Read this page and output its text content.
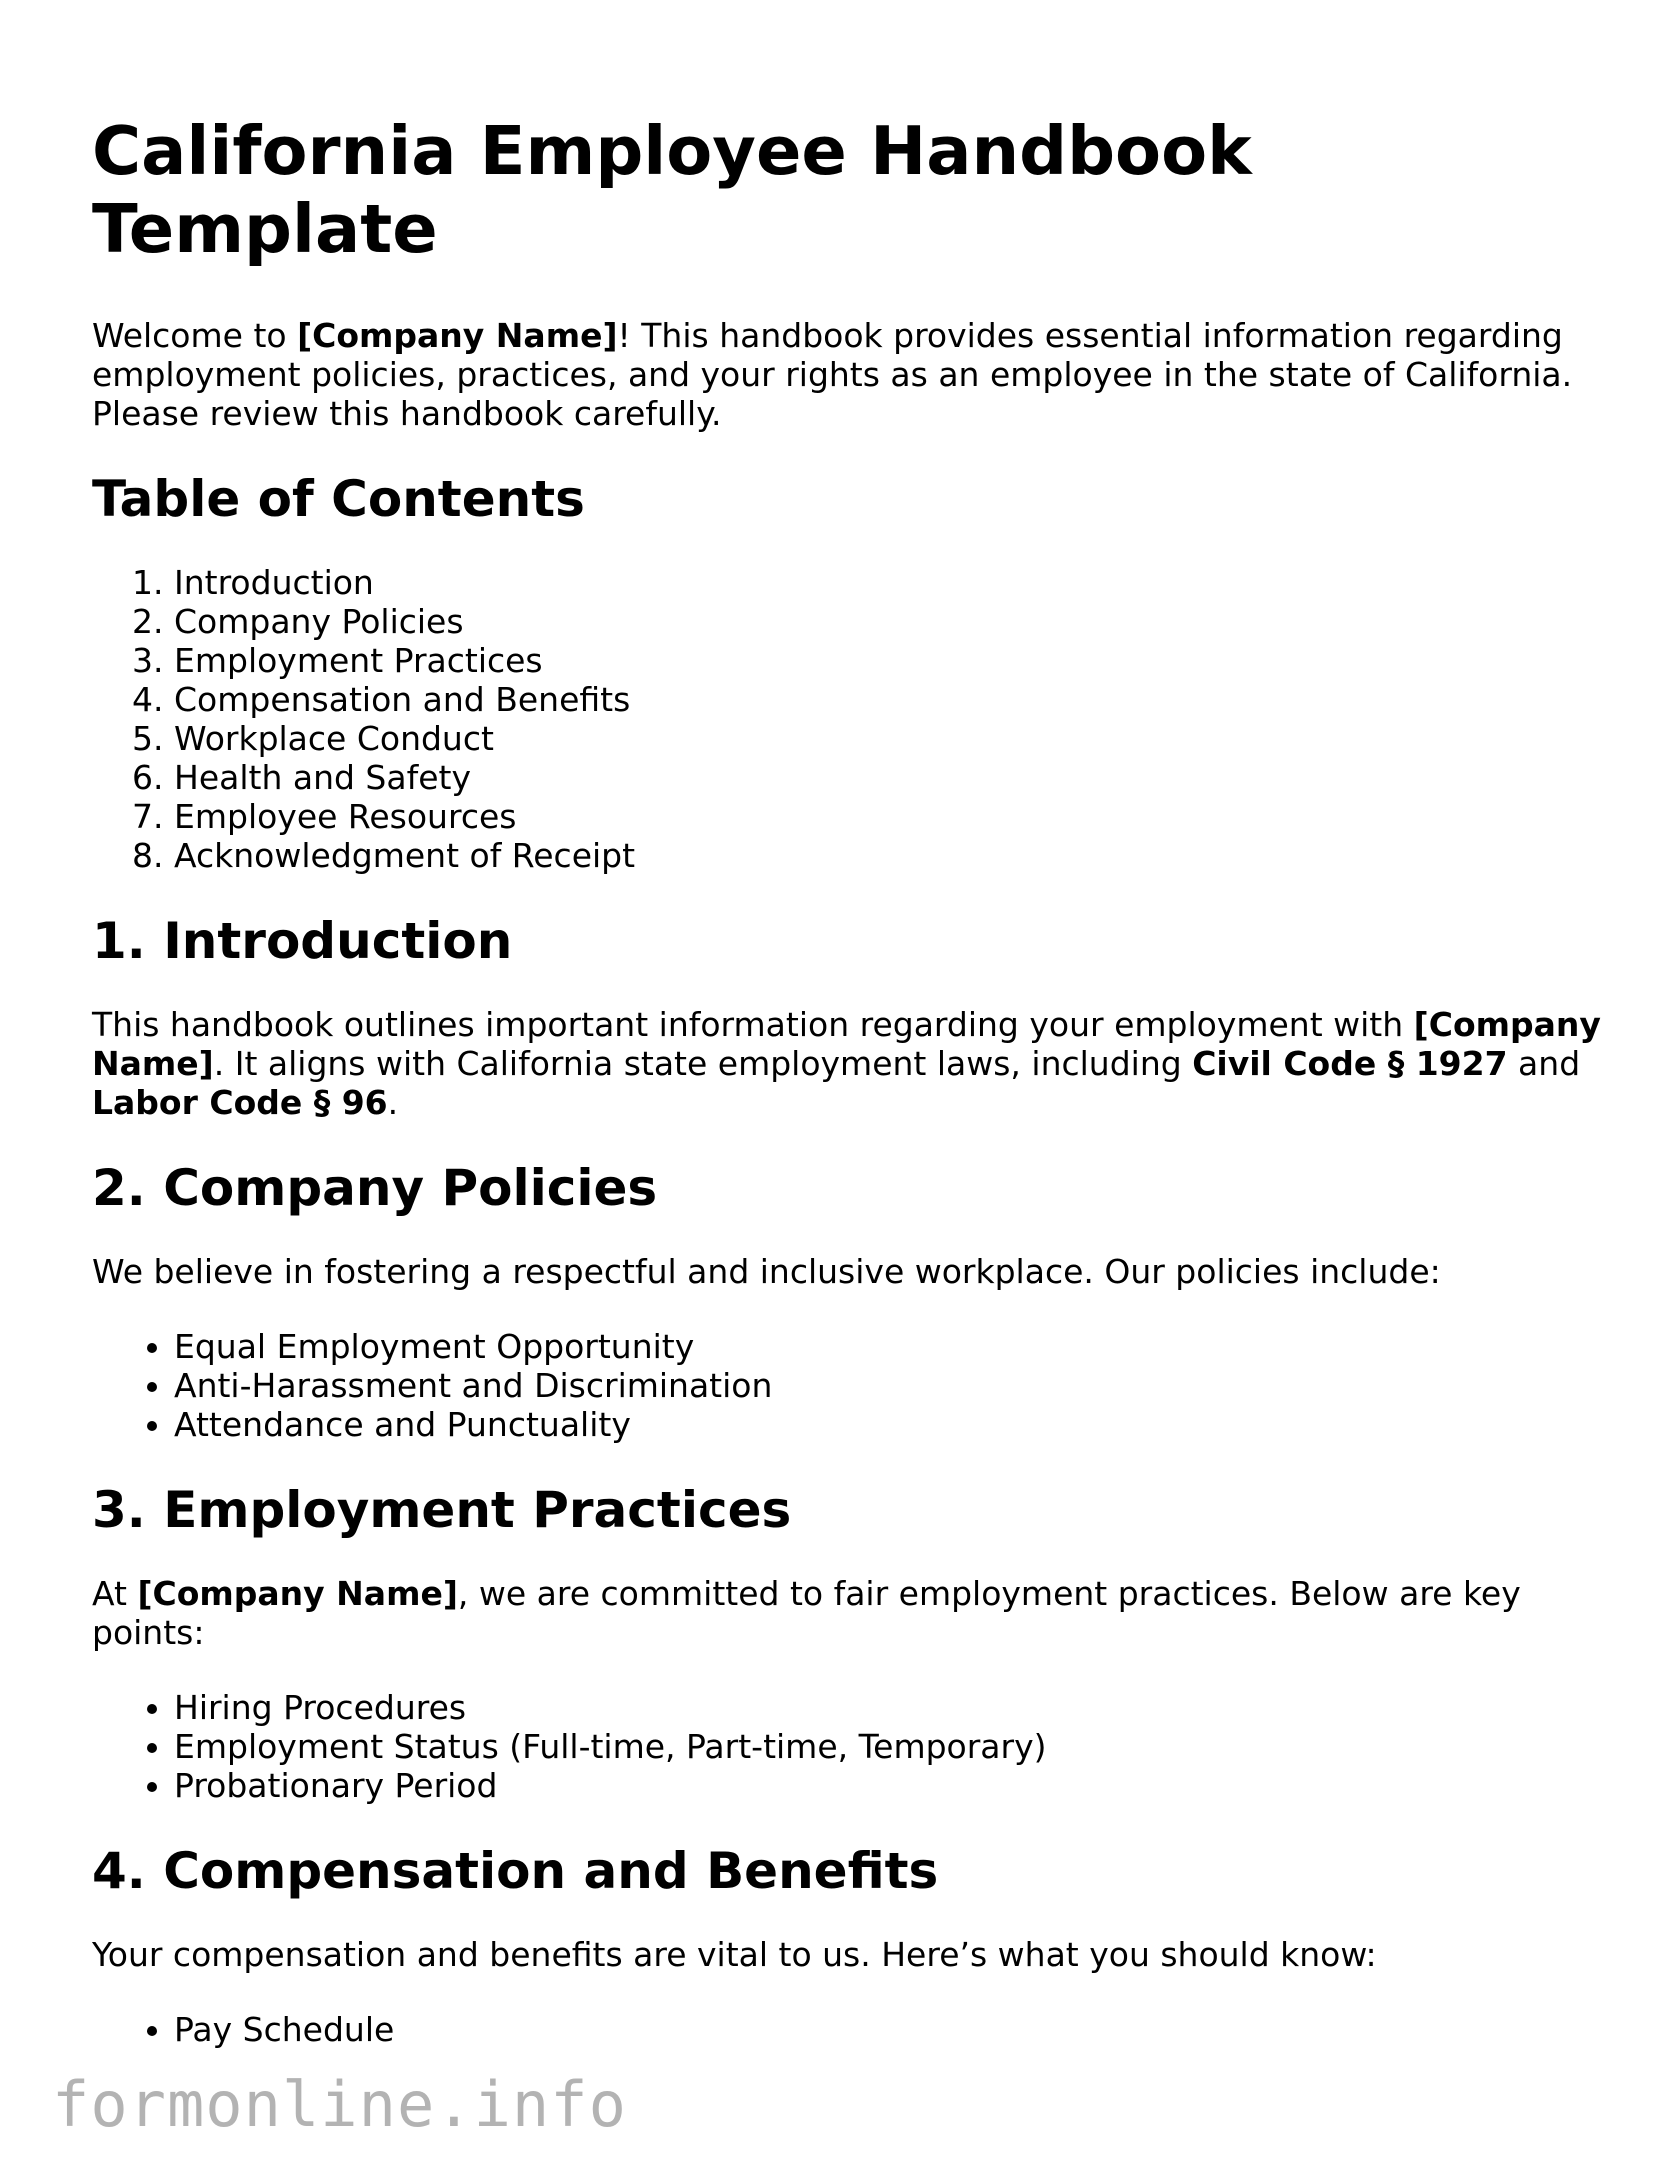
California Employee Handbook Template

Welcome to [Company Name]! This handbook provides essential information regarding employment policies, practices, and your rights as an employee in the state of California. Please review this handbook carefully.

Table of Contents
1. Introduction
2. Company Policies
3. Employment Practices
4. Compensation and Benefits
5. Workplace Conduct
6. Health and Safety
7. Employee Resources
8. Acknowledgment of Receipt
1. Introduction

This handbook outlines important information regarding your employment with [Company Name]. It aligns with California state employment laws, including Civil Code § 1927 and Labor Code § 96.

2. Company Policies

We believe in fostering a respectful and inclusive workplace. Our policies include:

• Equal Employment Opportunity
• Anti-Harassment and Discrimination
• Attendance and Punctuality
3. Employment Practices

At [Company Name], we are committed to fair employment practices. Below are key points:

• Hiring Procedures
• Employment Status (Full-time, Part-time, Temporary)
• Probationary Period
4. Compensation and Benefits

Your compensation and benefits are vital to us. Here’s what you should know:

• Pay Schedule
formonline.info
